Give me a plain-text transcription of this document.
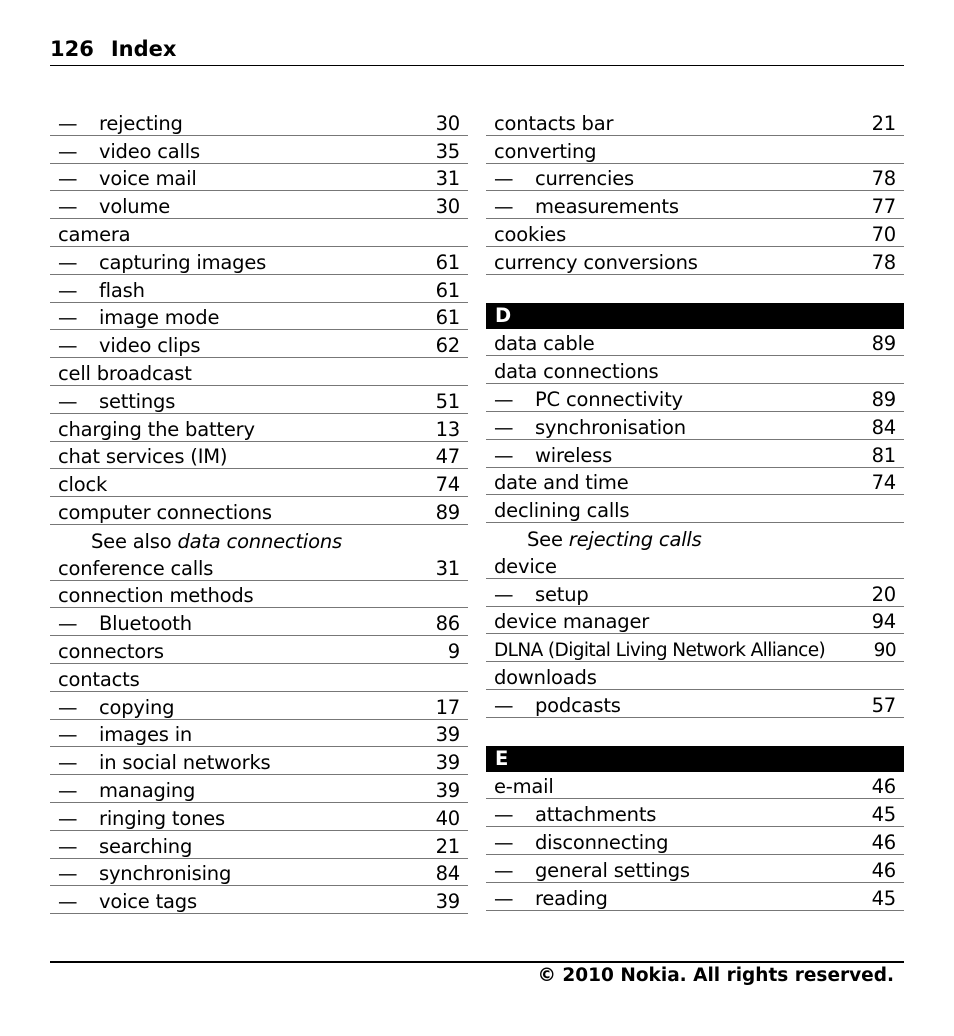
126 Index
—	rejecting	30
—	video calls	35
—	voice mail	31
—	volume	30
camera
—	capturing images	61
—	flash	61
—	image mode	61
—	video clips	62
cell broadcast
—	settings	51
charging the battery	13
chat services (IM)	47
clock	74
computer connections	89
See also data connections
conference calls	31
connection methods
—	Bluetooth	86
connectors	9
contacts
—	copying	17
—	images in	39
—	in social networks	39
—	managing	39
—	ringing tones	40
—	searching	21
—	synchronising	84
—	voice tags	39
contacts bar	21
converting
—	currencies	78
—	measurements	77
cookies	70
currency conversions	78
D
data cable	89
data connections
—	PC connectivity	89
—	synchronisation	84
—	wireless	81
date and time	74
declining calls
See rejecting calls
device
—	setup	20
device manager	94
DLNA (Digital Living Network Alliance)	90
downloads
—	podcasts	57
E
e-mail	46
—	attachments	45
—	disconnecting	46
—	general settings	46
—	reading	45
© 2010 Nokia. All rights reserved.
